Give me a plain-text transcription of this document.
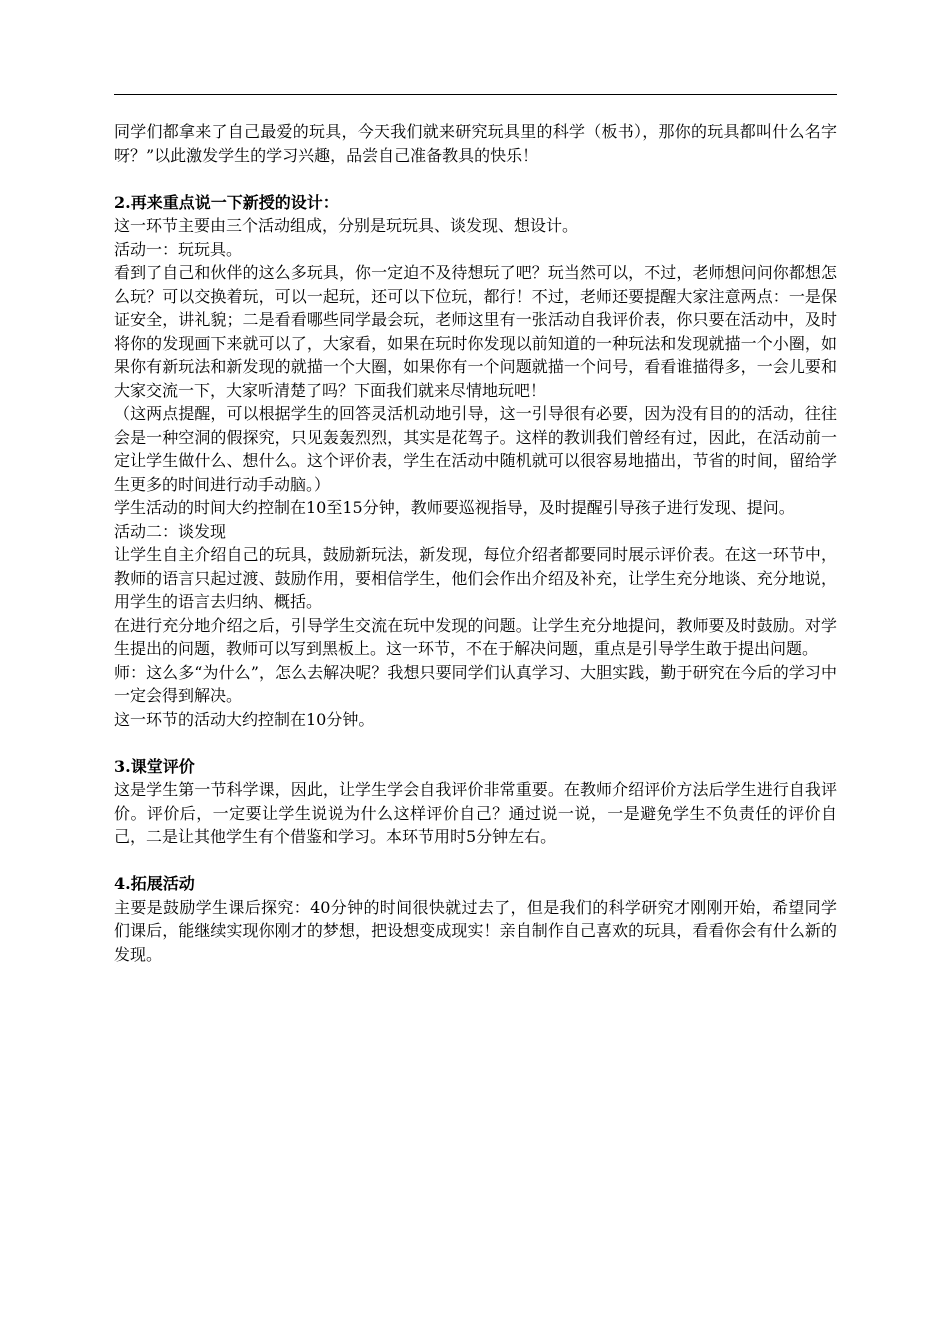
同学们都拿来了自己最爱的玩具，今天我们就来研究玩具里的科学（板书），那你的玩具都叫什么名字呀？”以此激发学生的学习兴趣，品尝自己准备教具的快乐！

2.再来重点说一下新授的设计：

这一环节主要由三个活动组成，分别是玩玩具、谈发现、想设计。

活动一：玩玩具。

看到了自己和伙伴的这么多玩具，你一定迫不及待想玩了吧？玩当然可以，不过，老师想问问你都想怎么玩？可以交换着玩，可以一起玩，还可以下位玩，都行！不过，老师还要提醒大家注意两点：一是保证安全，讲礼貌；二是看看哪些同学最会玩，老师这里有一张活动自我评价表，你只要在活动中，及时将你的发现画下来就可以了，大家看，如果在玩时你发现以前知道的一种玩法和发现就描一个小圈，如果你有新玩法和新发现的就描一个大圈，如果你有一个问题就描一个问号，看看谁描得多，一会儿要和大家交流一下，大家听清楚了吗？下面我们就来尽情地玩吧！

（这两点提醒，可以根据学生的回答灵活机动地引导，这一引导很有必要，因为没有目的的活动，往往会是一种空洞的假探究，只见轰轰烈烈，其实是花驾子。这样的教训我们曾经有过，因此，在活动前一定让学生做什么、想什么。这个评价表，学生在活动中随机就可以很容易地描出，节省的时间，留给学生更多的时间进行动手动脑。）

学生活动的时间大约控制在10至15分钟，教师要巡视指导，及时提醒引导孩子进行发现、提问。

活动二：谈发现

让学生自主介绍自己的玩具，鼓励新玩法，新发现，每位介绍者都要同时展示评价表。在这一环节中，教师的语言只起过渡、鼓励作用，要相信学生，他们会作出介绍及补充，让学生充分地谈、充分地说，用学生的语言去归纳、概括。

在进行充分地介绍之后，引导学生交流在玩中发现的问题。让学生充分地提问，教师要及时鼓励。对学生提出的问题，教师可以写到黑板上。这一环节，不在于解决问题，重点是引导学生敢于提出问题。

师：这么多“为什么”，怎么去解决呢？我想只要同学们认真学习、大胆实践，勤于研究在今后的学习中一定会得到解决。

这一环节的活动大约控制在10分钟。

3.课堂评价

这是学生第一节科学课，因此，让学生学会自我评价非常重要。在教师介绍评价方法后学生进行自我评价。评价后，一定要让学生说说为什么这样评价自己？通过说一说，一是避免学生不负责任的评价自己，二是让其他学生有个借鉴和学习。本环节用时5分钟左右。

4.拓展活动

主要是鼓励学生课后探究：40分钟的时间很快就过去了，但是我们的科学研究才刚刚开始，希望同学们课后，能继续实现你刚才的梦想，把设想变成现实！亲自制作自己喜欢的玩具，看看你会有什么新的发现。
